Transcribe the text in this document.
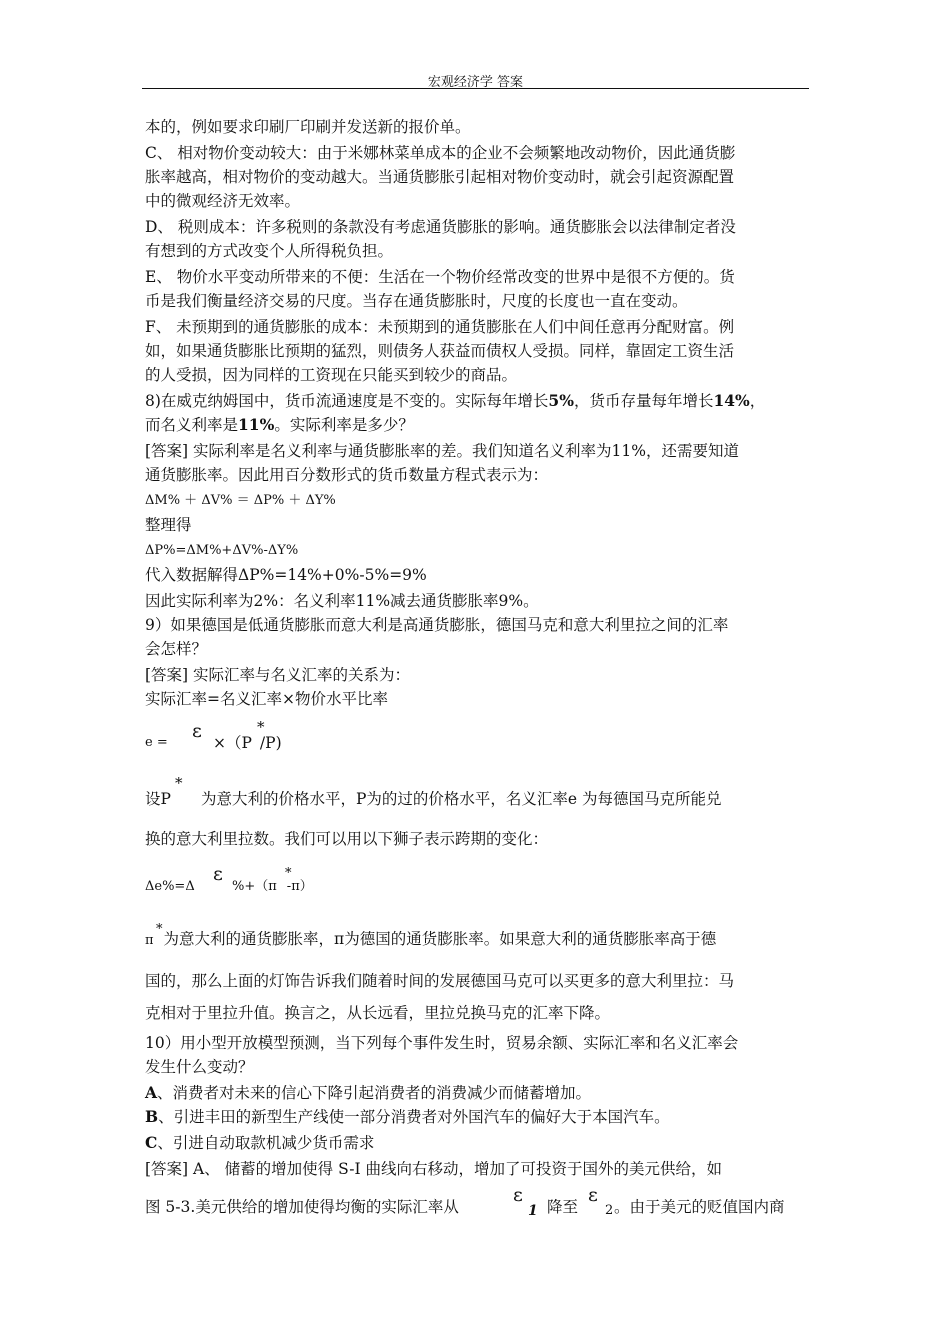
宏观经济学 答案
本的，例如要求印刷厂印刷并发送新的报价单。
C、 相对物价变动较大：由于米娜林菜单成本的企业不会频繁地改动物价，因此通货膨
胀率越高，相对物价的变动越大。当通货膨胀引起相对物价变动时，就会引起资源配置
中的微观经济无效率。
D、 税则成本：许多税则的条款没有考虑通货膨胀的影响。通货膨胀会以法律制定者没
有想到的方式改变个人所得税负担。
E、 物价水平变动所带来的不便：生活在一个物价经常改变的世界中是很不方便的。货
币是我们衡量经济交易的尺度。当存在通货膨胀时，尺度的长度也一直在变动。
F、 未预期到的通货膨胀的成本：未预期到的通货膨胀在人们中间任意再分配财富。例
如，如果通货膨胀比预期的猛烈，则债务人获益而债权人受损。同样，靠固定工资生活
的人受损，因为同样的工资现在只能买到较少的商品。
8)在威克纳姆国中，货币流通速度是不变的。实际每年增长5%，货币存量每年增长14%，
而名义利率是11%。实际利率是多少？
[答案] 实际利率是名义利率与通货膨胀率的差。我们知道名义利率为11%，还需要知道
通货膨胀率。因此用百分数形式的货币数量方程式表示为：
ΔM% ＋ ΔV% ＝ ΔP% ＋ ΔY%
整理得
ΔP%=ΔM%+ΔV%-ΔY%
代入数据解得ΔP%=14%+0%-5%=9%
因此实际利率为2%：名义利率11%减去通货膨胀率9%。
9）如果德国是低通货膨胀而意大利是高通货膨胀，德国马克和意大利里拉之间的汇率
会怎样？
[答案] 实际汇率与名义汇率的关系为：
实际汇率=名义汇率×物价水平比率
e =
ε
×（P /P)
*
设P 为意大利的价格水平，P为的过的价格水平，名义汇率e 为每德国马克所能兑
*
换的意大利里拉数。我们可以用以下狮子表示跨期的变化：
Δe%=Δ
ε
%+（π -π）
*
π 为意大利的通货膨胀率，π为德国的通货膨胀率。如果意大利的通货膨胀率高于德
*
国的，那么上面的灯饰告诉我们随着时间的发展德国马克可以买更多的意大利里拉：马
克相对于里拉升值。换言之，从长远看，里拉兑换马克的汇率下降。
10）用小型开放模型预测，当下列每个事件发生时，贸易余额、实际汇率和名义汇率会
发生什么变动？
A、消费者对未来的信心下降引起消费者的消费减少而储蓄增加。
B、引进丰田的新型生产线使一部分消费者对外国汽车的偏好大于本国汽车。
C、引进自动取款机减少货币需求
[答案] A、 储蓄的增加使得 S-I 曲线向右移动，增加了可投资于国外的美元供给，如
图 5-3.美元供给的增加使得均衡的实际汇率从
ε
1 降至
ε
2 。由于美元的贬值国内商
